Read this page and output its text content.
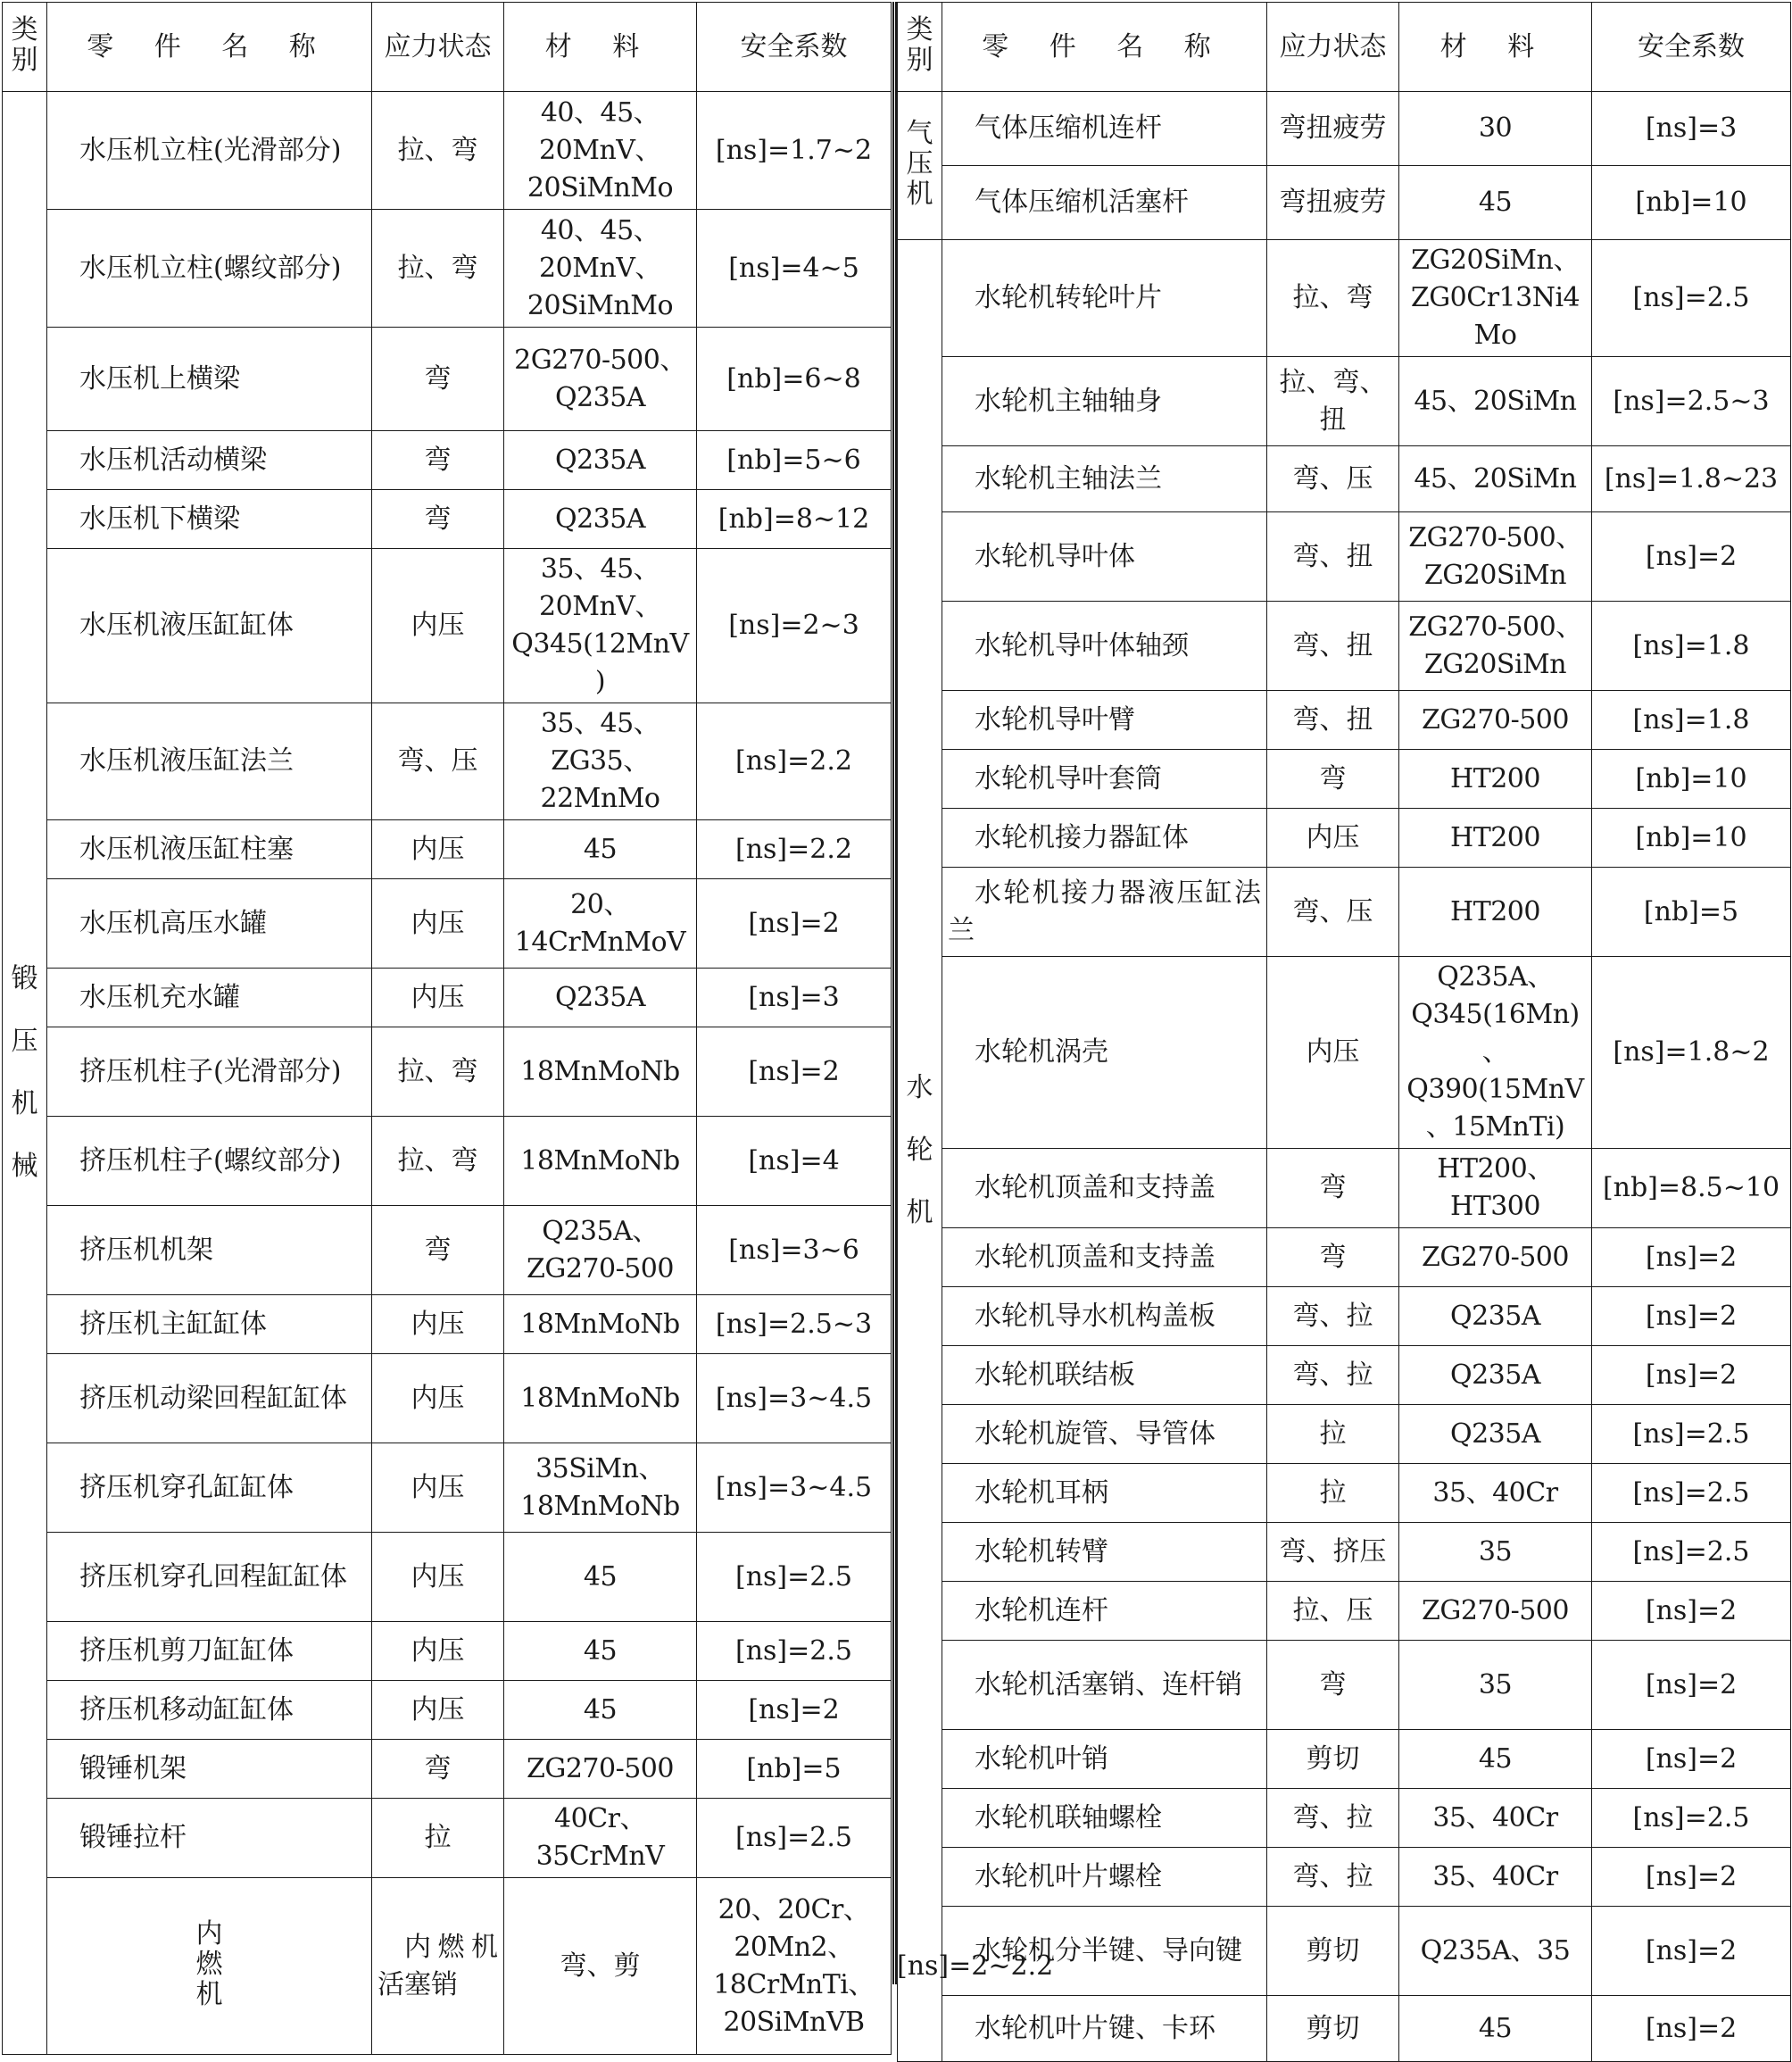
类别	零 件 名 称	应力状态	材 料	安全系数	
锻压机械	水压机立柱(光滑部分)	拉、弯	40、45、20MnV、20SiMnMo	[ns]=1.7~2	
	水压机立柱(螺纹部分)	拉、弯	40、45、20MnV、20SiMnMo	[ns]=4~5	
	水压机上横梁	弯	2G270-500、Q235A	[nb]=6~8	
	水压机活动横梁	弯	Q235A	[nb]=5~6	
	水压机下横梁	弯	Q235A	[nb]=8~12	
	水压机液压缸缸体	内压	35、45、20MnV、Q345(12MnV)	[ns]=2~3	
	水压机液压缸法兰	弯、压	35、45、ZG35、22MnMo	[ns]=2.2	
	水压机液压缸柱塞	内压	45	[ns]=2.2	
	水压机高压水罐	内压	20、14CrMnMoV	[ns]=2	
	水压机充水罐	内压	Q235A	[ns]=3	
	挤压机柱子(光滑部分)	拉、弯	18MnMoNb	[ns]=2	
	挤压机柱子(螺纹部分)	拉、弯	18MnMoNb	[ns]=4	
	挤压机机架	弯	Q235A、ZG270-500	[ns]=3~6	
	挤压机主缸缸体	内压	18MnMoNb	[ns]=2.5~3	
	挤压机动梁回程缸缸体	内压	18MnMoNb	[ns]=3~4.5	
	挤压机穿孔缸缸体	内压	35SiMn、18MnMoNb	[ns]=3~4.5	
	挤压机穿孔回程缸缸体	内压	45	[ns]=2.5	
	挤压机剪刀缸缸体	内压	45	[ns]=2.5	
	挤压机移动缸缸体	内压	45	[ns]=2	
	锻锤机架	弯	ZG270-500	[nb]=5	
	锻锤拉杆	拉	40Cr、35CrMnV	[ns]=2.5	
	内燃机	内燃机活塞销	弯、剪	20、20Cr、20Mn2、18CrMnTi、20SiMnVB	[ns]=2~2.2
类别	零 件 名 称	应力状态	材 料	安全系数
气压机	气体压缩机连杆	弯扭疲劳	30	[ns]=3
	气体压缩机活塞杆	弯扭疲劳	45	[nb]=10
水轮机	水轮机转轮叶片	拉、弯	ZG20SiMn、ZG0Cr13Ni4Mo	[ns]=2.5
	水轮机主轴轴身	拉、弯、扭	45、20SiMn	[ns]=2.5~3
	水轮机主轴法兰	弯、压	45、20SiMn	[ns]=1.8~23
	水轮机导叶体	弯、扭	ZG270-500、ZG20SiMn	[ns]=2
	水轮机导叶体轴颈	弯、扭	ZG270-500、ZG20SiMn	[ns]=1.8
	水轮机导叶臂	弯、扭	ZG270-500	[ns]=1.8
	水轮机导叶套筒	弯	HT200	[nb]=10
	水轮机接力器缸体	内压	HT200	[nb]=10
	水轮机接力器液压缸法兰	弯、压	HT200	[nb]=5
	水轮机涡壳	内压	Q235A、Q345(16Mn)、Q390(15MnV、15MnTi)	[ns]=1.8~2
	水轮机顶盖和支持盖	弯	HT200、HT300	[nb]=8.5~10
	水轮机顶盖和支持盖	弯	ZG270-500	[ns]=2
	水轮机导水机构盖板	弯、拉	Q235A	[ns]=2
	水轮机联结板	弯、拉	Q235A	[ns]=2
	水轮机旋管、导管体	拉	Q235A	[ns]=2.5
	水轮机耳柄	拉	35、40Cr	[ns]=2.5
	水轮机转臂	弯、挤压	35	[ns]=2.5
	水轮机连杆	拉、压	ZG270-500	[ns]=2
	水轮机活塞销、连杆销	弯	35	[ns]=2
	水轮机叶销	剪切	45	[ns]=2
	水轮机联轴螺栓	弯、拉	35、40Cr	[ns]=2.5
	水轮机叶片螺栓	弯、拉	35、40Cr	[ns]=2
	水轮机分半键、导向键	剪切	Q235A、35	[ns]=2
	水轮机叶片键、卡环	剪切	45	[ns]=2
